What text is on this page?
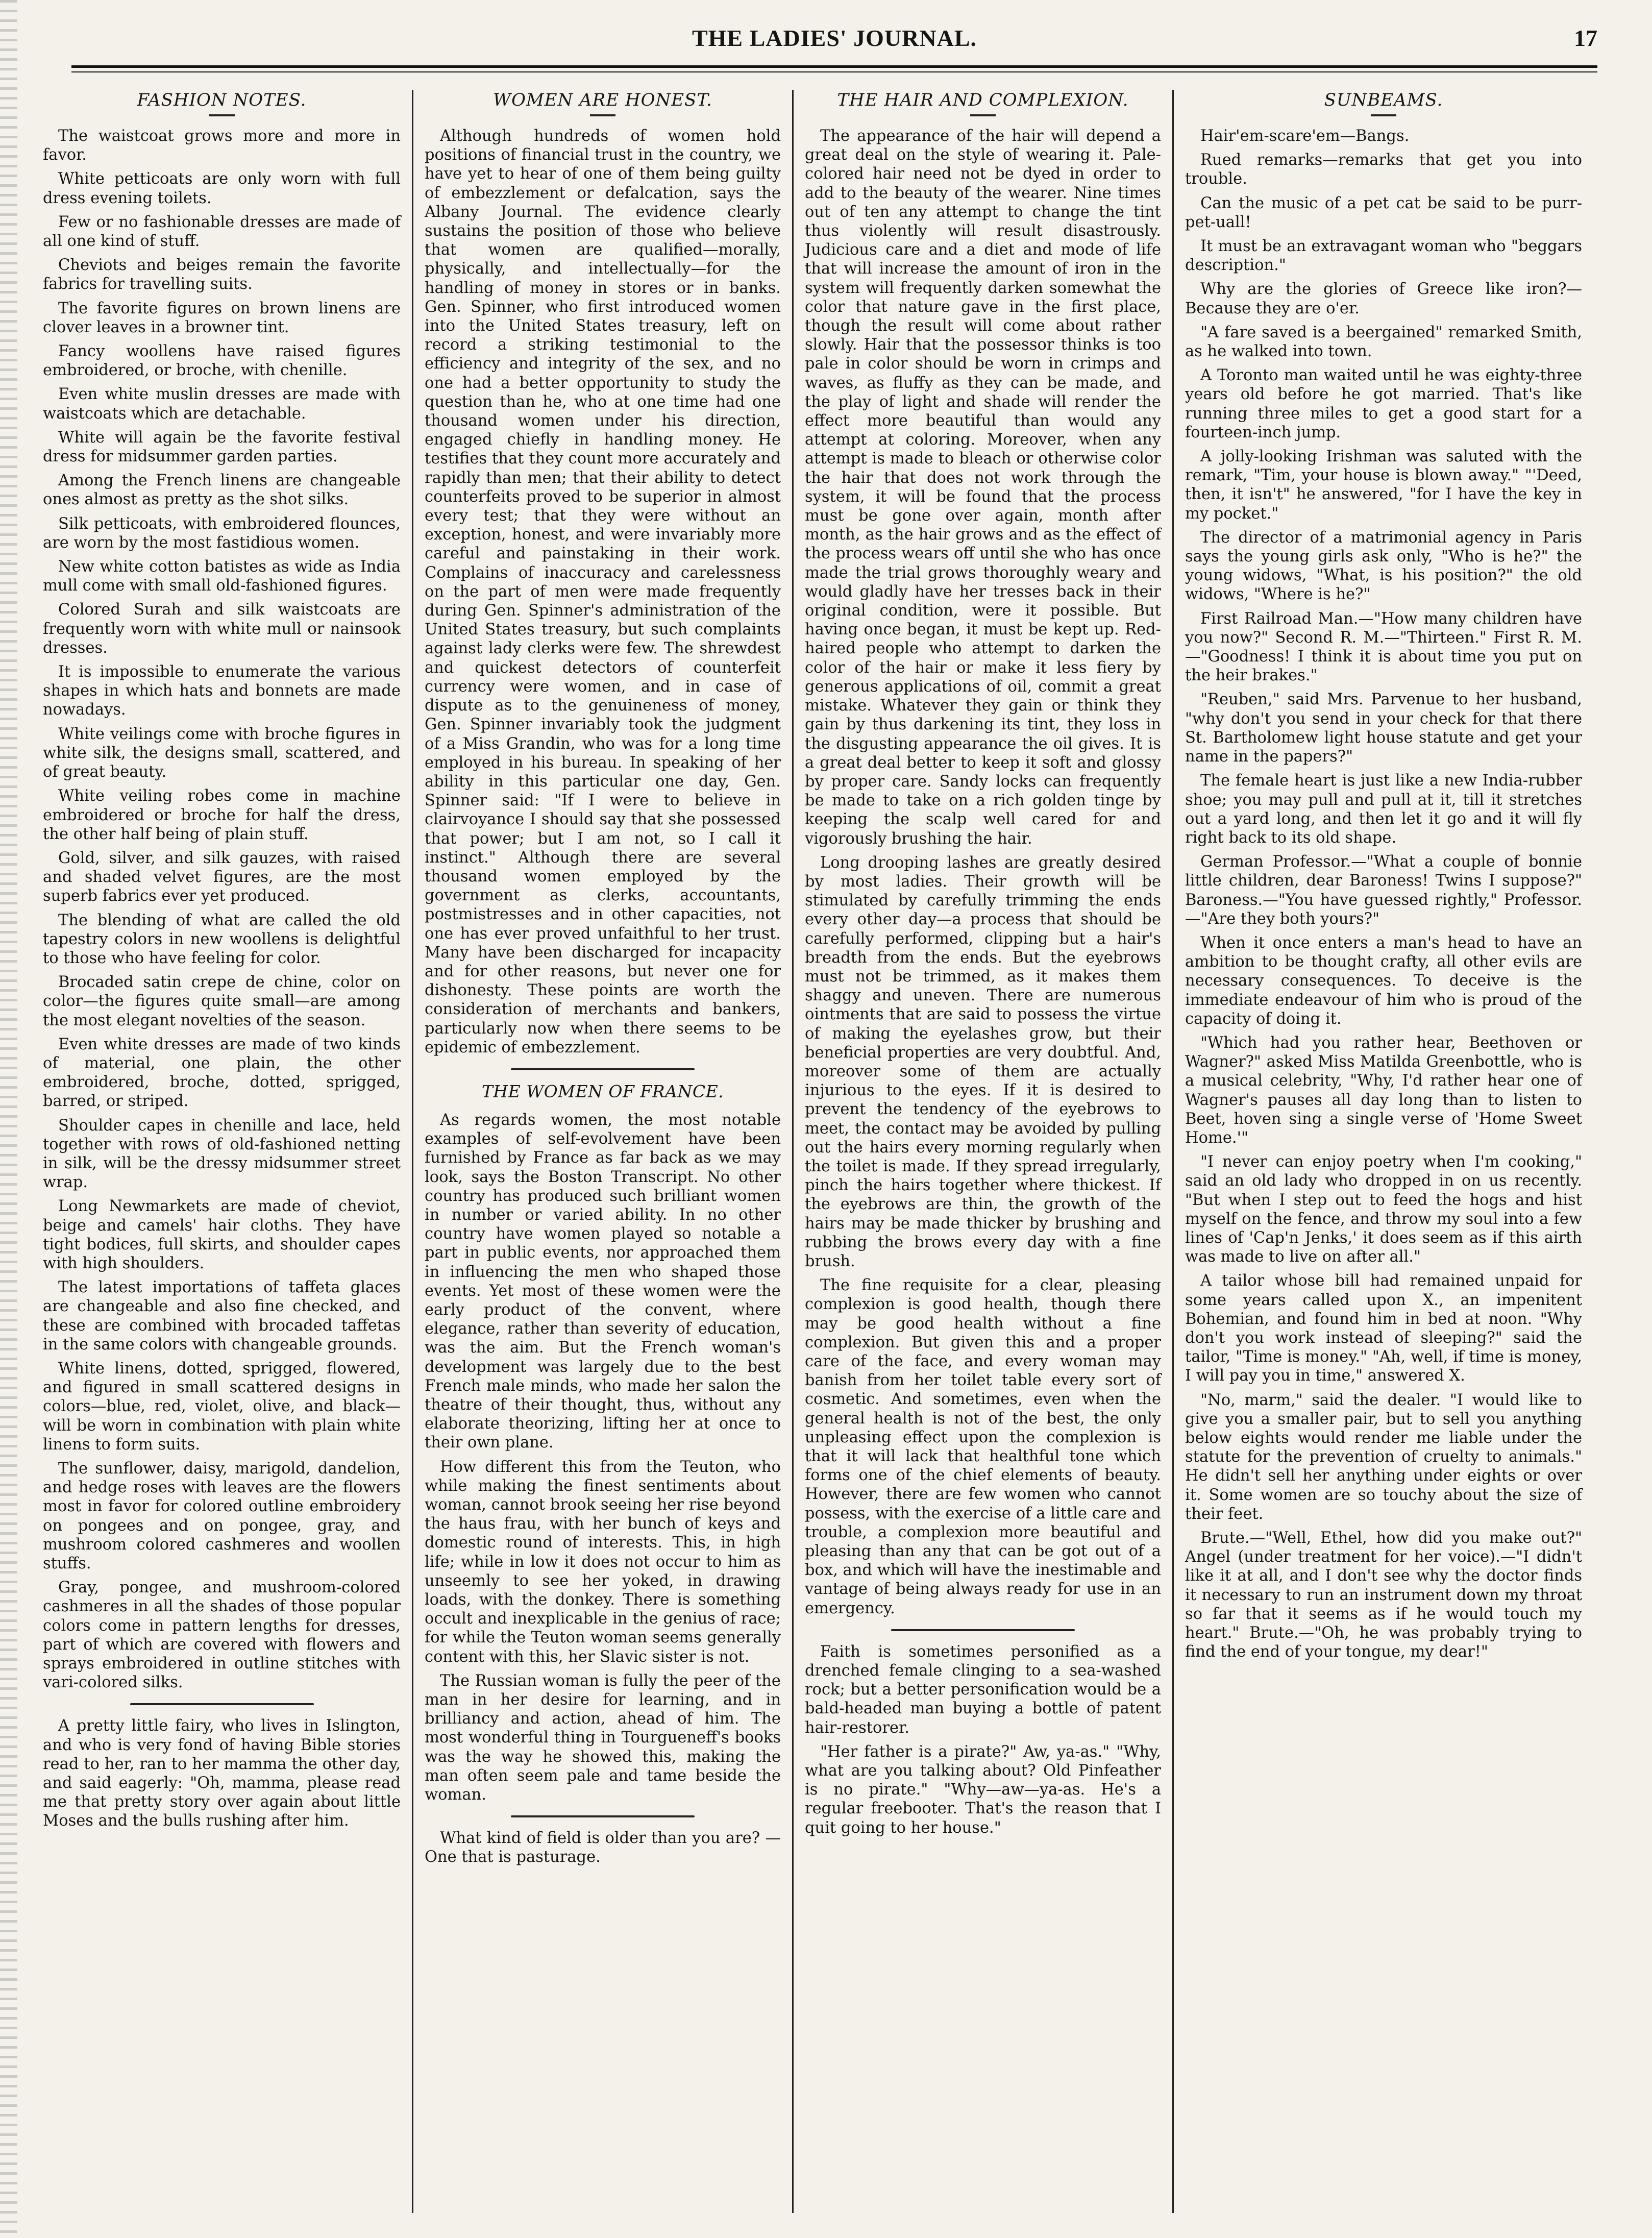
THE LADIES' JOURNAL.	17
FASHION NOTES.

The waistcoat grows more and more in favor.

White petticoats are only worn with full dress evening toilets.

Few or no fashionable dresses are made of all one kind of stuff.

Cheviots and beiges remain the favorite fabrics for travelling suits.

The favorite figures on brown linens are clover leaves in a browner tint.

Fancy woollens have raised figures embroidered, or broche, with chenille.

Even white muslin dresses are made with waistcoats which are detachable.

White will again be the favorite festival dress for midsummer garden parties.

Among the French linens are changeable ones almost as pretty as the shot silks.

Silk petticoats, with embroidered flounces, are worn by the most fastidious women.

New white cotton batistes as wide as India mull come with small old-fashioned figures.

Colored Surah and silk waistcoats are frequently worn with white mull or nainsook dresses.

It is impossible to enumerate the various shapes in which hats and bonnets are made nowadays.

White veilings come with broche figures in white silk, the designs small, scattered, and of great beauty.

White veiling robes come in machine embroidered or broche for half the dress, the other half being of plain stuff.

Gold, silver, and silk gauzes, with raised and shaded velvet figures, are the most superb fabrics ever yet produced.

The blending of what are called the old tapestry colors in new woollens is delightful to those who have feeling for color.

Brocaded satin crepe de chine, color on color—the figures quite small—are among the most elegant novelties of the season.

Even white dresses are made of two kinds of material, one plain, the other embroidered, broche, dotted, sprigged, barred, or striped.

Shoulder capes in chenille and lace, held together with rows of old-fashioned netting in silk, will be the dressy midsummer street wrap.

Long Newmarkets are made of cheviot, beige and camels' hair cloths. They have tight bodices, full skirts, and shoulder capes with high shoulders.

The latest importations of taffeta glaces are changeable and also fine checked, and these are combined with brocaded taffetas in the same colors with changeable grounds.

White linens, dotted, sprigged, flowered, and figured in small scattered designs in colors—blue, red, violet, olive, and black—will be worn in combination with plain white linens to form suits.

The sunflower, daisy, marigold, dandelion, and hedge roses with leaves are the flowers most in favor for colored outline embroidery on pongees and on pongee, gray, and mushroom colored cashmeres and woollen stuffs.

Gray, pongee, and mushroom-colored cashmeres in all the shades of those popular colors come in pattern lengths for dresses, part of which are covered with flowers and sprays embroidered in outline stitches with vari-colored silks.

A pretty little fairy, who lives in Islington, and who is very fond of having Bible stories read to her, ran to her mamma the other day, and said eagerly: "Oh, mamma, please read me that pretty story over again about little Moses and the bulls rushing after him.

WOMEN ARE HONEST.

Although hundreds of women hold positions of financial trust in the country, we have yet to hear of one of them being guilty of embezzlement or defalcation, says the Albany Journal. The evidence clearly sustains the position of those who believe that women are qualified—morally, physically, and intellectually—for the handling of money in stores or in banks. Gen. Spinner, who first introduced women into the United States treasury, left on record a striking testimonial to the efficiency and integrity of the sex, and no one had a better opportunity to study the question than he, who at one time had one thousand women under his direction, engaged chiefly in handling money. He testifies that they count more accurately and rapidly than men; that their ability to detect counterfeits proved to be superior in almost every test; that they were without an exception, honest, and were invariably more careful and painstaking in their work. Complains of inaccuracy and carelessness on the part of men were made frequently during Gen. Spinner's administration of the United States treasury, but such complaints against lady clerks were few. The shrewdest and quickest detectors of counterfeit currency were women, and in case of dispute as to the genuineness of money, Gen. Spinner invariably took the judgment of a Miss Grandin, who was for a long time employed in his bureau. In speaking of her ability in this particular one day, Gen. Spinner said: "If I were to believe in clairvoyance I should say that she possessed that power; but I am not, so I call it instinct." Although there are several thousand women employed by the government as clerks, accountants, postmistresses and in other capacities, not one has ever proved unfaithful to her trust. Many have been discharged for incapacity and for other reasons, but never one for dishonesty. These points are worth the consideration of merchants and bankers, particularly now when there seems to be epidemic of embezzlement.

THE WOMEN OF FRANCE.

As regards women, the most notable examples of self-evolvement have been furnished by France as far back as we may look, says the Boston Transcript. No other country has produced such brilliant women in number or varied ability. In no other country have women played so notable a part in public events, nor approached them in influencing the men who shaped those events. Yet most of these women were the early product of the convent, where elegance, rather than severity of education, was the aim. But the French woman's development was largely due to the best French male minds, who made her salon the theatre of their thought, thus, without any elaborate theorizing, lifting her at once to their own plane.

How different this from the Teuton, who while making the finest sentiments about woman, cannot brook seeing her rise beyond the haus frau, with her bunch of keys and domestic round of interests. This, in high life; while in low it does not occur to him as unseemly to see her yoked, in drawing loads, with the donkey. There is something occult and inexplicable in the genius of race; for while the Teuton woman seems generally content with this, her Slavic sister is not.

The Russian woman is fully the peer of the man in her desire for learning, and in brilliancy and action, ahead of him. The most wonderful thing in Tourgueneff's books was the way he showed this, making the man often seem pale and tame beside the woman.

What kind of field is older than you are? —One that is pasturage.

THE HAIR AND COMPLEXION.

The appearance of the hair will depend a great deal on the style of wearing it. Pale-colored hair need not be dyed in order to add to the beauty of the wearer. Nine times out of ten any attempt to change the tint thus violently will result disastrously. Judicious care and a diet and mode of life that will increase the amount of iron in the system will frequently darken somewhat the color that nature gave in the first place, though the result will come about rather slowly. Hair that the possessor thinks is too pale in color should be worn in crimps and waves, as fluffy as they can be made, and the play of light and shade will render the effect more beautiful than would any attempt at coloring. Moreover, when any attempt is made to bleach or otherwise color the hair that does not work through the system, it will be found that the process must be gone over again, month after month, as the hair grows and as the effect of the process wears off until she who has once made the trial grows thoroughly weary and would gladly have her tresses back in their original condition, were it possible. But having once began, it must be kept up. Red-haired people who attempt to darken the color of the hair or make it less fiery by generous applications of oil, commit a great mistake. Whatever they gain or think they gain by thus darkening its tint, they loss in the disgusting appearance the oil gives. It is a great deal better to keep it soft and glossy by proper care. Sandy locks can frequently be made to take on a rich golden tinge by keeping the scalp well cared for and vigorously brushing the hair.

Long drooping lashes are greatly desired by most ladies. Their growth will be stimulated by carefully trimming the ends every other day—a process that should be carefully performed, clipping but a hair's breadth from the ends. But the eyebrows must not be trimmed, as it makes them shaggy and uneven. There are numerous ointments that are said to possess the virtue of making the eyelashes grow, but their beneficial properties are very doubtful. And, moreover some of them are actually injurious to the eyes. If it is desired to prevent the tendency of the eyebrows to meet, the contact may be avoided by pulling out the hairs every morning regularly when the toilet is made. If they spread irregularly, pinch the hairs together where thickest. If the eyebrows are thin, the growth of the hairs may be made thicker by brushing and rubbing the brows every day with a fine brush.

The fine requisite for a clear, pleasing complexion is good health, though there may be good health without a fine complexion. But given this and a proper care of the face, and every woman may banish from her toilet table every sort of cosmetic. And sometimes, even when the general health is not of the best, the only unpleasing effect upon the complexion is that it will lack that healthful tone which forms one of the chief elements of beauty. However, there are few women who cannot possess, with the exercise of a little care and trouble, a complexion more beautiful and pleasing than any that can be got out of a box, and which will have the inestimable and vantage of being always ready for use in an emergency.

Faith is sometimes personified as a drenched female clinging to a sea-washed rock; but a better personification would be a bald-headed man buying a bottle of patent hair-restorer.

"Her father is a pirate?" Aw, ya-as." "Why, what are you talking about? Old Pinfeather is no pirate." "Why—aw—ya-as. He's a regular freebooter. That's the reason that I quit going to her house."

SUNBEAMS.

Hair'em-scare'em—Bangs.

Rued remarks—remarks that get you into trouble.

Can the music of a pet cat be said to be purr-pet-uall!

It must be an extravagant woman who "beggars description."

Why are the glories of Greece like iron?—Because they are o'er.

"A fare saved is a beergained" remarked Smith, as he walked into town.

A Toronto man waited until he was eighty-three years old before he got married. That's like running three miles to get a good start for a fourteen-inch jump.

A jolly-looking Irishman was saluted with the remark, "Tim, your house is blown away." "'Deed, then, it isn't" he answered, "for I have the key in my pocket."

The director of a matrimonial agency in Paris says the young girls ask only, "Who is he?" the young widows, "What, is his position?" the old widows, "Where is he?"

First Railroad Man.—"How many children have you now?" Second R. M.—"Thirteen." First R. M.—"Goodness! I think it is about time you put on the heir brakes."

"Reuben," said Mrs. Parvenue to her husband, "why don't you send in your check for that there St. Bartholomew light house statute and get your name in the papers?"

The female heart is just like a new India-rubber shoe; you may pull and pull at it, till it stretches out a yard long, and then let it go and it will fly right back to its old shape.

German Professor.—"What a couple of bonnie little children, dear Baroness! Twins I suppose?" Baroness.—"You have guessed rightly," Professor.—"Are they both yours?"

When it once enters a man's head to have an ambition to be thought crafty, all other evils are necessary consequences. To deceive is the immediate endeavour of him who is proud of the capacity of doing it.

"Which had you rather hear, Beethoven or Wagner?" asked Miss Matilda Greenbottle, who is a musical celebrity, "Why, I'd rather hear one of Wagner's pauses all day long than to listen to Beet, hoven sing a single verse of 'Home Sweet Home.'"

"I never can enjoy poetry when I'm cooking," said an old lady who dropped in on us recently. "But when I step out to feed the hogs and hist myself on the fence, and throw my soul into a few lines of 'Cap'n Jenks,' it does seem as if this airth was made to live on after all."

A tailor whose bill had remained unpaid for some years called upon X., an impenitent Bohemian, and found him in bed at noon. "Why don't you work instead of sleeping?" said the tailor, "Time is money." "Ah, well, if time is money, I will pay you in time," answered X.

"No, marm," said the dealer. "I would like to give you a smaller pair, but to sell you anything below eights would render me liable under the statute for the prevention of cruelty to animals." He didn't sell her anything under eights or over it. Some women are so touchy about the size of their feet.

Brute.—"Well, Ethel, how did you make out?" Angel (under treatment for her voice).—"I didn't like it at all, and I don't see why the doctor finds it necessary to run an instrument down my throat so far that it seems as if he would touch my heart." Brute.—"Oh, he was probably trying to find the end of your tongue, my dear!"
